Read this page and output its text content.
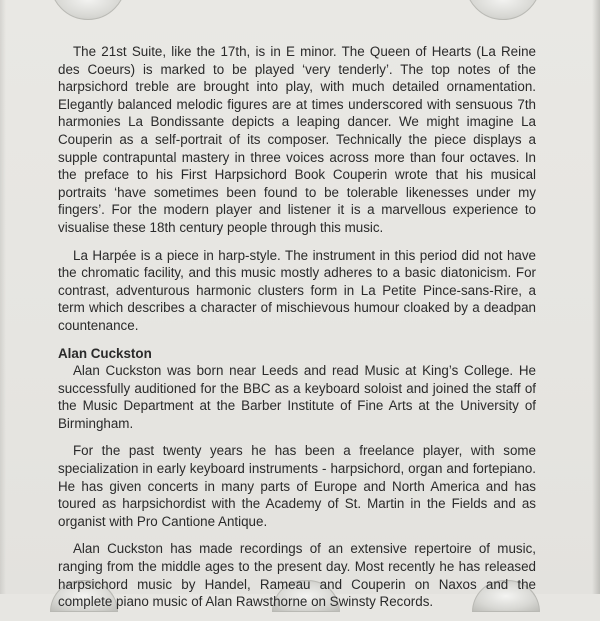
The 21st Suite, like the 17th, is in E minor. The Queen of Hearts (La Reine des Coeurs) is marked to be played ‘very tenderly’. The top notes of the harpsichord treble are brought into play, with much detailed ornamentation. Elegantly balanced melodic figures are at times underscored with sensuous 7th harmonies La Bondissante depicts a leaping dancer. We might imagine La Couperin as a self-portrait of its composer. Technically the piece displays a supple contrapuntal mastery in three voices across more than four octaves. In the preface to his First Harpsichord Book Couperin wrote that his musical portraits ‘have sometimes been found to be tolerable likenesses under my fingers’. For the modern player and listener it is a marvellous experience to visualise these 18th century people through this music.

La Harpée is a piece in harp-style. The instrument in this period did not have the chromatic facility, and this music mostly adheres to a basic diatonicism. For contrast, adventurous harmonic clusters form in La Petite Pince-sans-Rire, a term which describes a character of mischievous humour cloaked by a deadpan countenance.

Alan Cuckston

Alan Cuckston was born near Leeds and read Music at King’s College. He successfully auditioned for the BBC as a keyboard soloist and joined the staff of the Music Department at the Barber Institute of Fine Arts at the University of Birmingham.

For the past twenty years he has been a freelance player, with some specialization in early keyboard instruments - harpsichord, organ and fortepiano. He has given concerts in many parts of Europe and North America and has toured as harpsichordist with the Academy of St. Martin in the Fields and as organist with Pro Cantione Antique.

Alan Cuckston has made recordings of an extensive repertoire of music, ranging from the middle ages to the present day. Most recently he has released harpsichord music by Handel, Rameau and Couperin on Naxos and the complete piano music of Alan Rawsthorne on Swinsty Records.
